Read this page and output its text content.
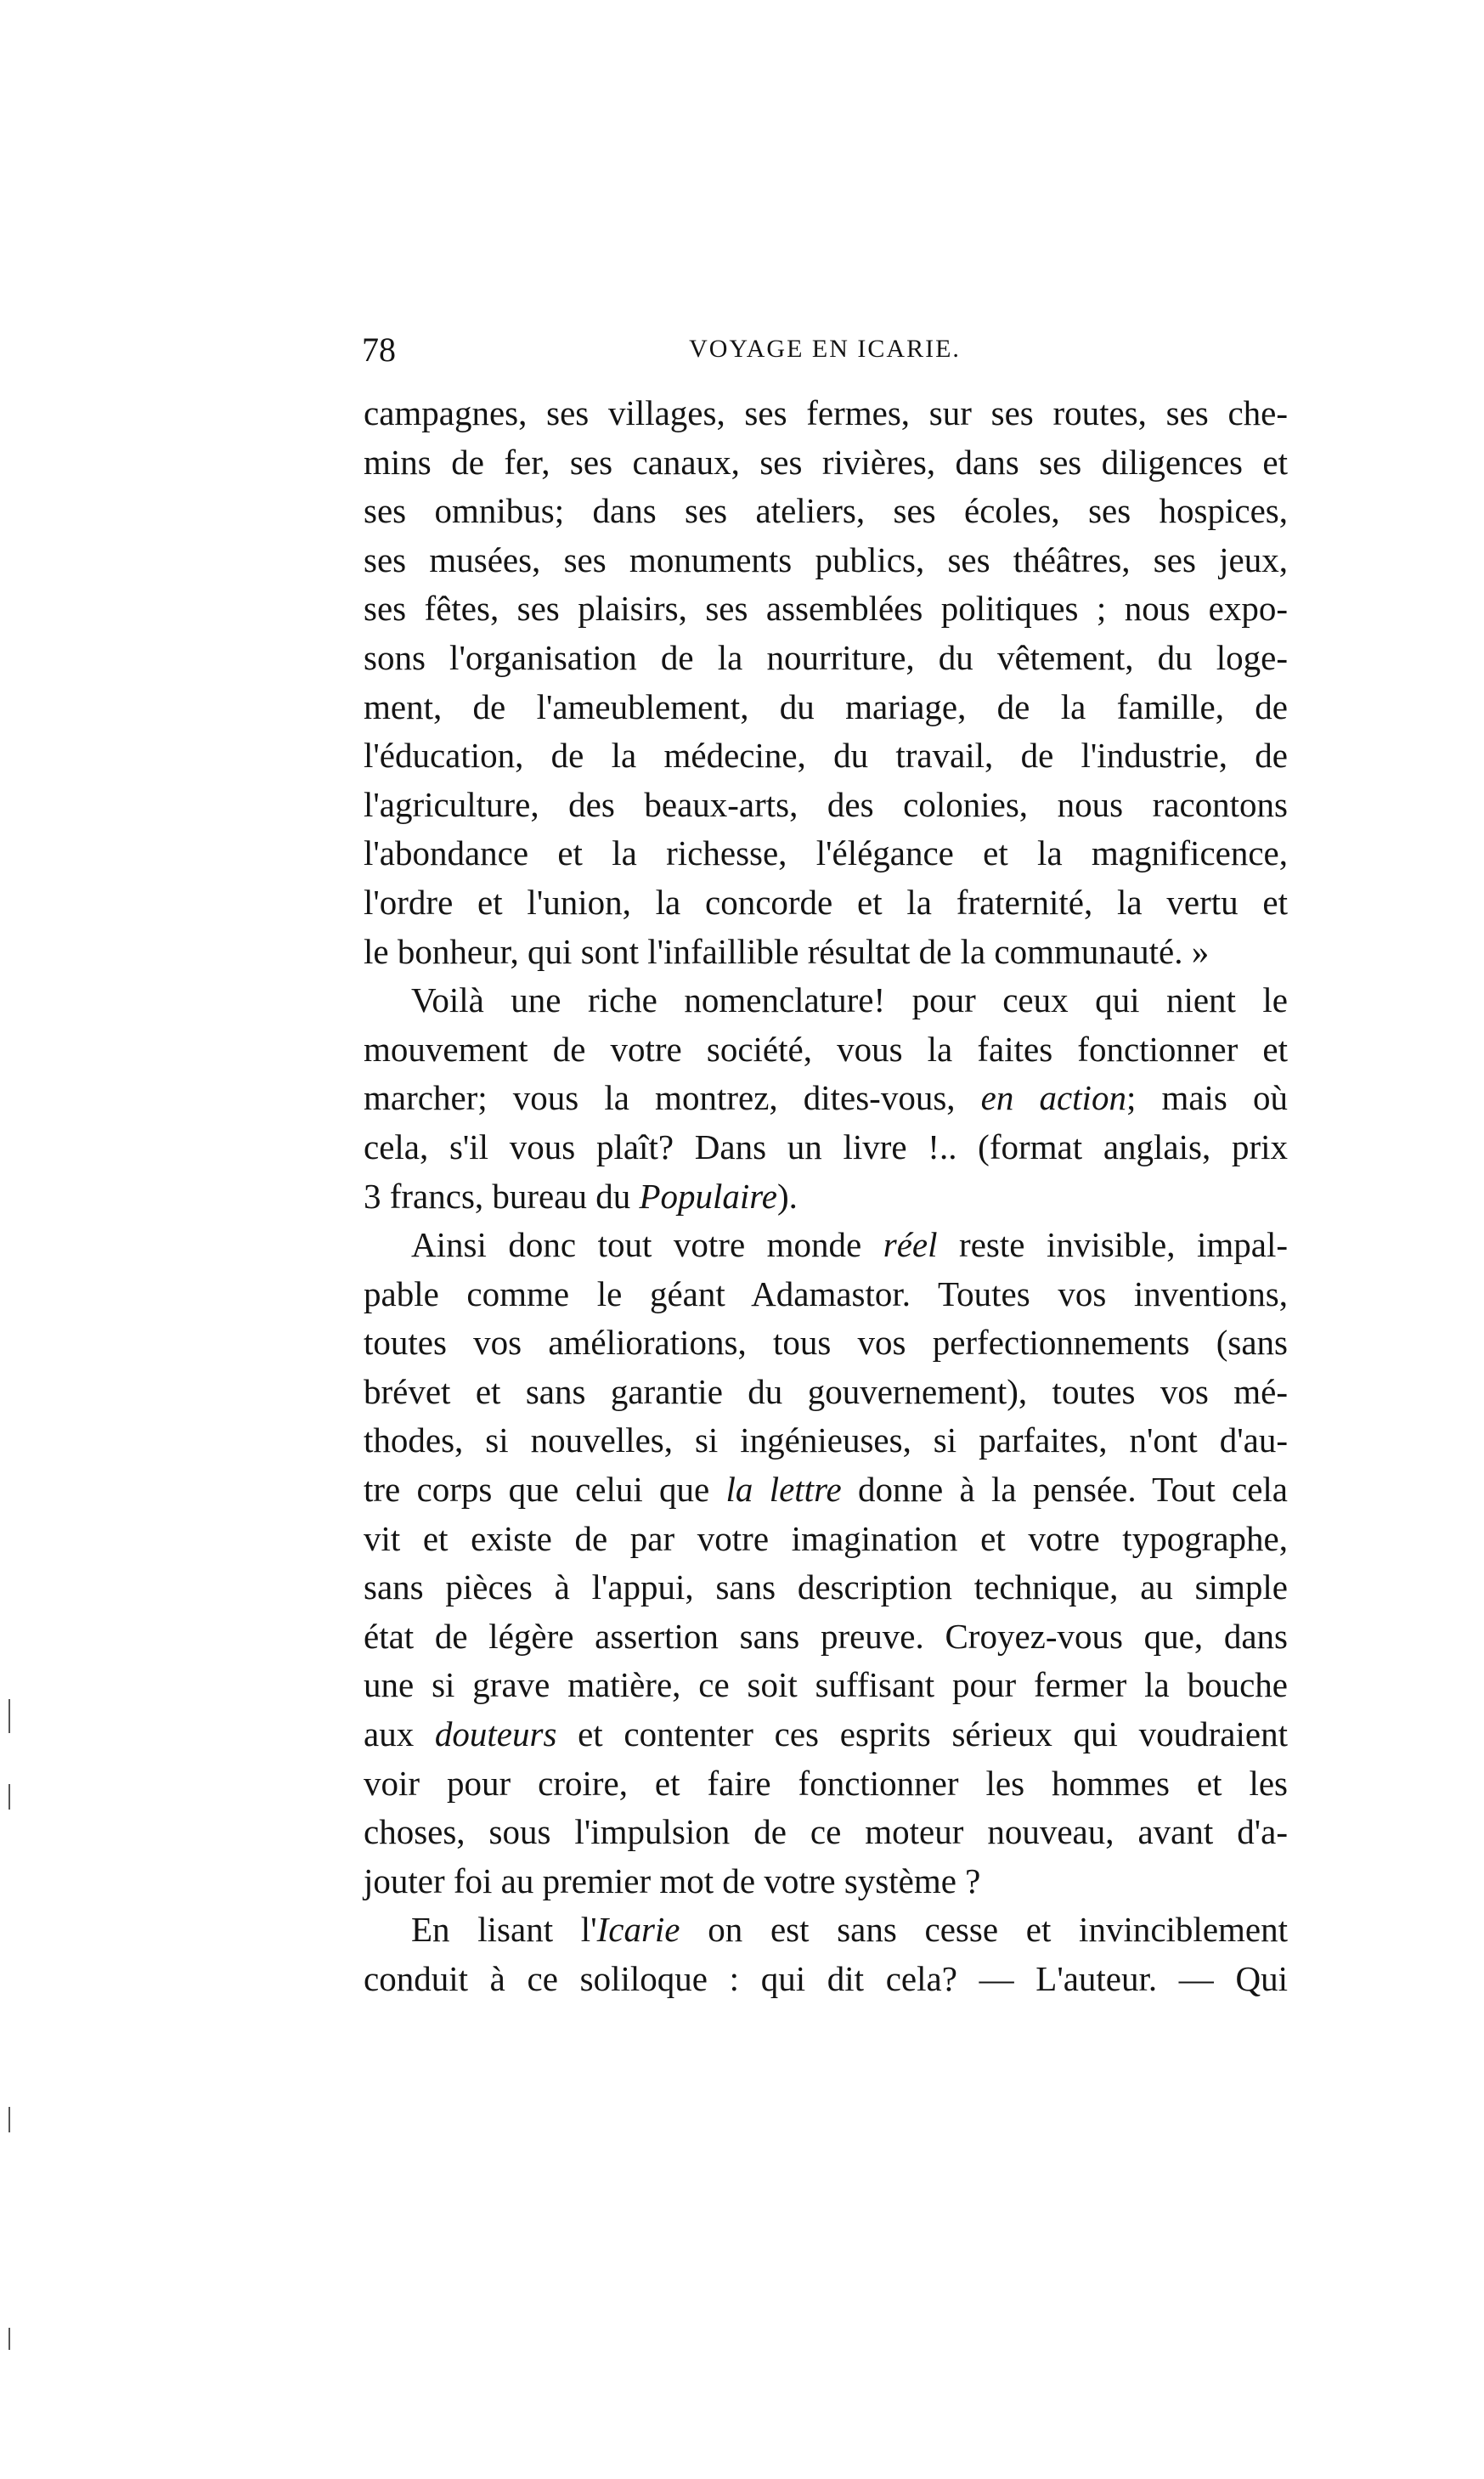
78	VOYAGE EN ICARIE.
campagnes, ses villages, ses fermes, sur ses routes, ses che-
mins de fer, ses canaux, ses rivières, dans ses diligences et
ses omnibus; dans ses ateliers, ses écoles, ses hospices,
ses musées, ses monuments publics, ses théâtres, ses jeux,
ses fêtes, ses plaisirs, ses assemblées politiques ; nous expo-
sons l'organisation de la nourriture, du vêtement, du loge-
ment, de l'ameublement, du mariage, de la famille, de
l'éducation, de la médecine, du travail, de l'industrie, de
l'agriculture, des beaux-arts, des colonies, nous racontons
l'abondance et la richesse, l'élégance et la magnificence,
l'ordre et l'union, la concorde et la fraternité, la vertu et
le bonheur, qui sont l'infaillible résultat de la communauté. »
Voilà une riche nomenclature! pour ceux qui nient le
mouvement de votre société, vous la faites fonctionner et
marcher; vous la montrez, dites-vous, en action; mais où
cela, s'il vous plaît? Dans un livre !.. (format anglais, prix
3 francs, bureau du Populaire).
Ainsi donc tout votre monde réel reste invisible, impal-
pable comme le géant Adamastor. Toutes vos inventions,
toutes vos améliorations, tous vos perfectionnements (sans
brévet et sans garantie du gouvernement), toutes vos mé-
thodes, si nouvelles, si ingénieuses, si parfaites, n'ont d'au-
tre corps que celui que la lettre donne à la pensée. Tout cela
vit et existe de par votre imagination et votre typographe,
sans pièces à l'appui, sans description technique, au simple
état de légère assertion sans preuve. Croyez-vous que, dans
une si grave matière, ce soit suffisant pour fermer la bouche
aux douteurs et contenter ces esprits sérieux qui voudraient
voir pour croire, et faire fonctionner les hommes et les
choses, sous l'impulsion de ce moteur nouveau, avant d'a-
jouter foi au premier mot de votre système ?
En lisant l'Icarie on est sans cesse et invinciblement
conduit à ce soliloque : qui dit cela? — L'auteur. — Qui
